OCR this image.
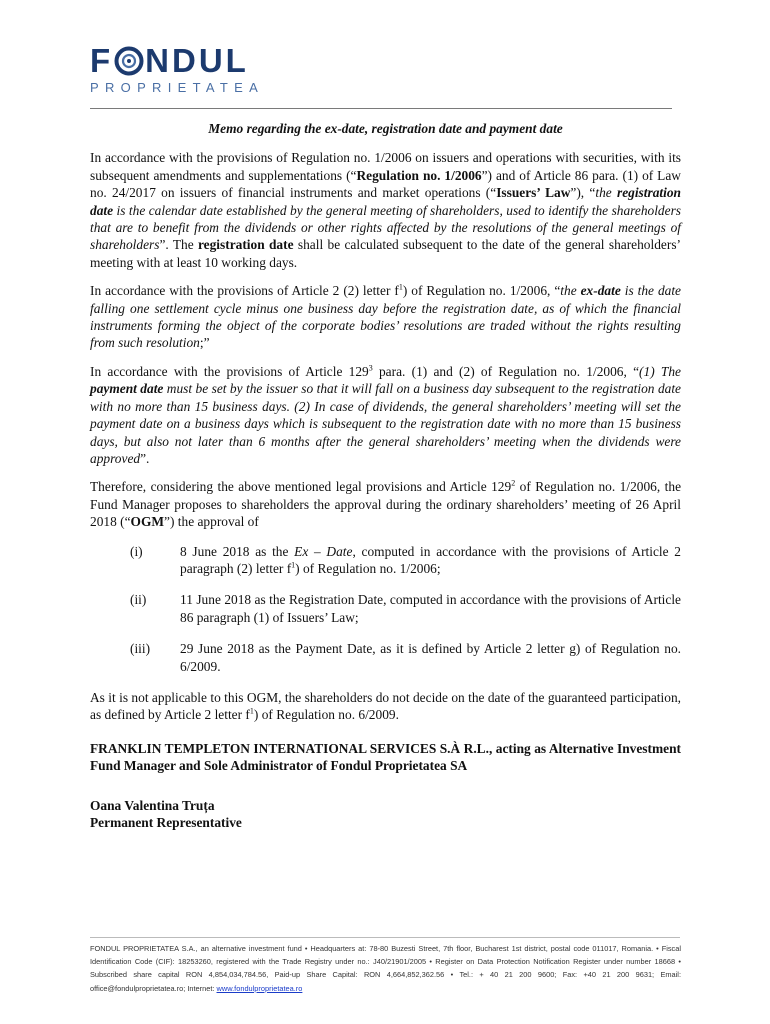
F NDUL
PROPRIETATEA
Memo regarding the ex-date, registration date and payment date

In accordance with the provisions of Regulation no. 1/2006 on issuers and operations with securities, with its subsequent amendments and supplementations (“Regulation no. 1/2006”) and of Article 86 para. (1) of Law no. 24/2017 on issuers of financial instruments and market operations (“Issuers’ Law”), “the registration date is the calendar date established by the general meeting of shareholders, used to identify the shareholders that are to benefit from the dividends or other rights affected by the resolutions of the general meetings of shareholders”. The registration date shall be calculated subsequent to the date of the general shareholders’ meeting with at least 10 working days.

In accordance with the provisions of Article 2 (2) letter $f^1$) of Regulation no. 1/2006, “the ex-date is the date falling one settlement cycle minus one business day before the registration date, as of which the financial instruments forming the object of the corporate bodies’ resolutions are traded without the rights resulting from such resolution;”

In accordance with the provisions of Article $129^3$ para. (1) and (2) of Regulation no. 1/2006, “(1) The payment date must be set by the issuer so that it will fall on a business day subsequent to the registration date with no more than 15 business days. (2) In case of dividends, the general shareholders’ meeting will set the payment date on a business days which is subsequent to the registration date with no more than 15 business days, but also not later than 6 months after the general shareholders’ meeting when the dividends were approved”.

Therefore, considering the above mentioned legal provisions and Article $129^2$ of Regulation no. 1/2006, the Fund Manager proposes to shareholders the approval during the ordinary shareholders’ meeting of 26 April 2018 (“OGM”) the approval of

(i)	8 June 2018 as the Ex – Date, computed in accordance with the provisions of Article 2 paragraph (2) letter $f^1$) of Regulation no. 1/2006;
(ii)	11 June 2018 as the Registration Date, computed in accordance with the provisions of Article 86 paragraph (1) of Issuers’ Law;
(iii)	29 June 2018 as the Payment Date, as it is defined by Article 2 letter g) of Regulation no. 6/2009.

As it is not applicable to this OGM, the shareholders do not decide on the date of the guaranteed participation, as defined by Article 2 letter $f^1$) of Regulation no. 6/2009.

FRANKLIN TEMPLETON INTERNATIONAL SERVICES S.À R.L., acting as Alternative Investment Fund Manager and Sole Administrator of Fondul Proprietatea SA
Oana Valentina Truța
Permanent Representative
FONDUL PROPRIETATEA S.A., an alternative investment fund • Headquarters at: 78-80 Buzesti Street, 7th floor, Bucharest 1st district, postal code 011017, Romania. • Fiscal Identification Code (CIF): 18253260, registered with the Trade Registry under no.: J40/21901/2005 • Register on Data Protection Notification Register under number 18668 • Subscribed share capital RON 4,854,034,784.56, Paid-up Share Capital: RON 4,664,852,362.56 • Tel.: + 40 21 200 9600; Fax: +40 21 200 9631; Email: office@fondulproprietatea.ro; Internet: www.fondulproprietatea.ro
